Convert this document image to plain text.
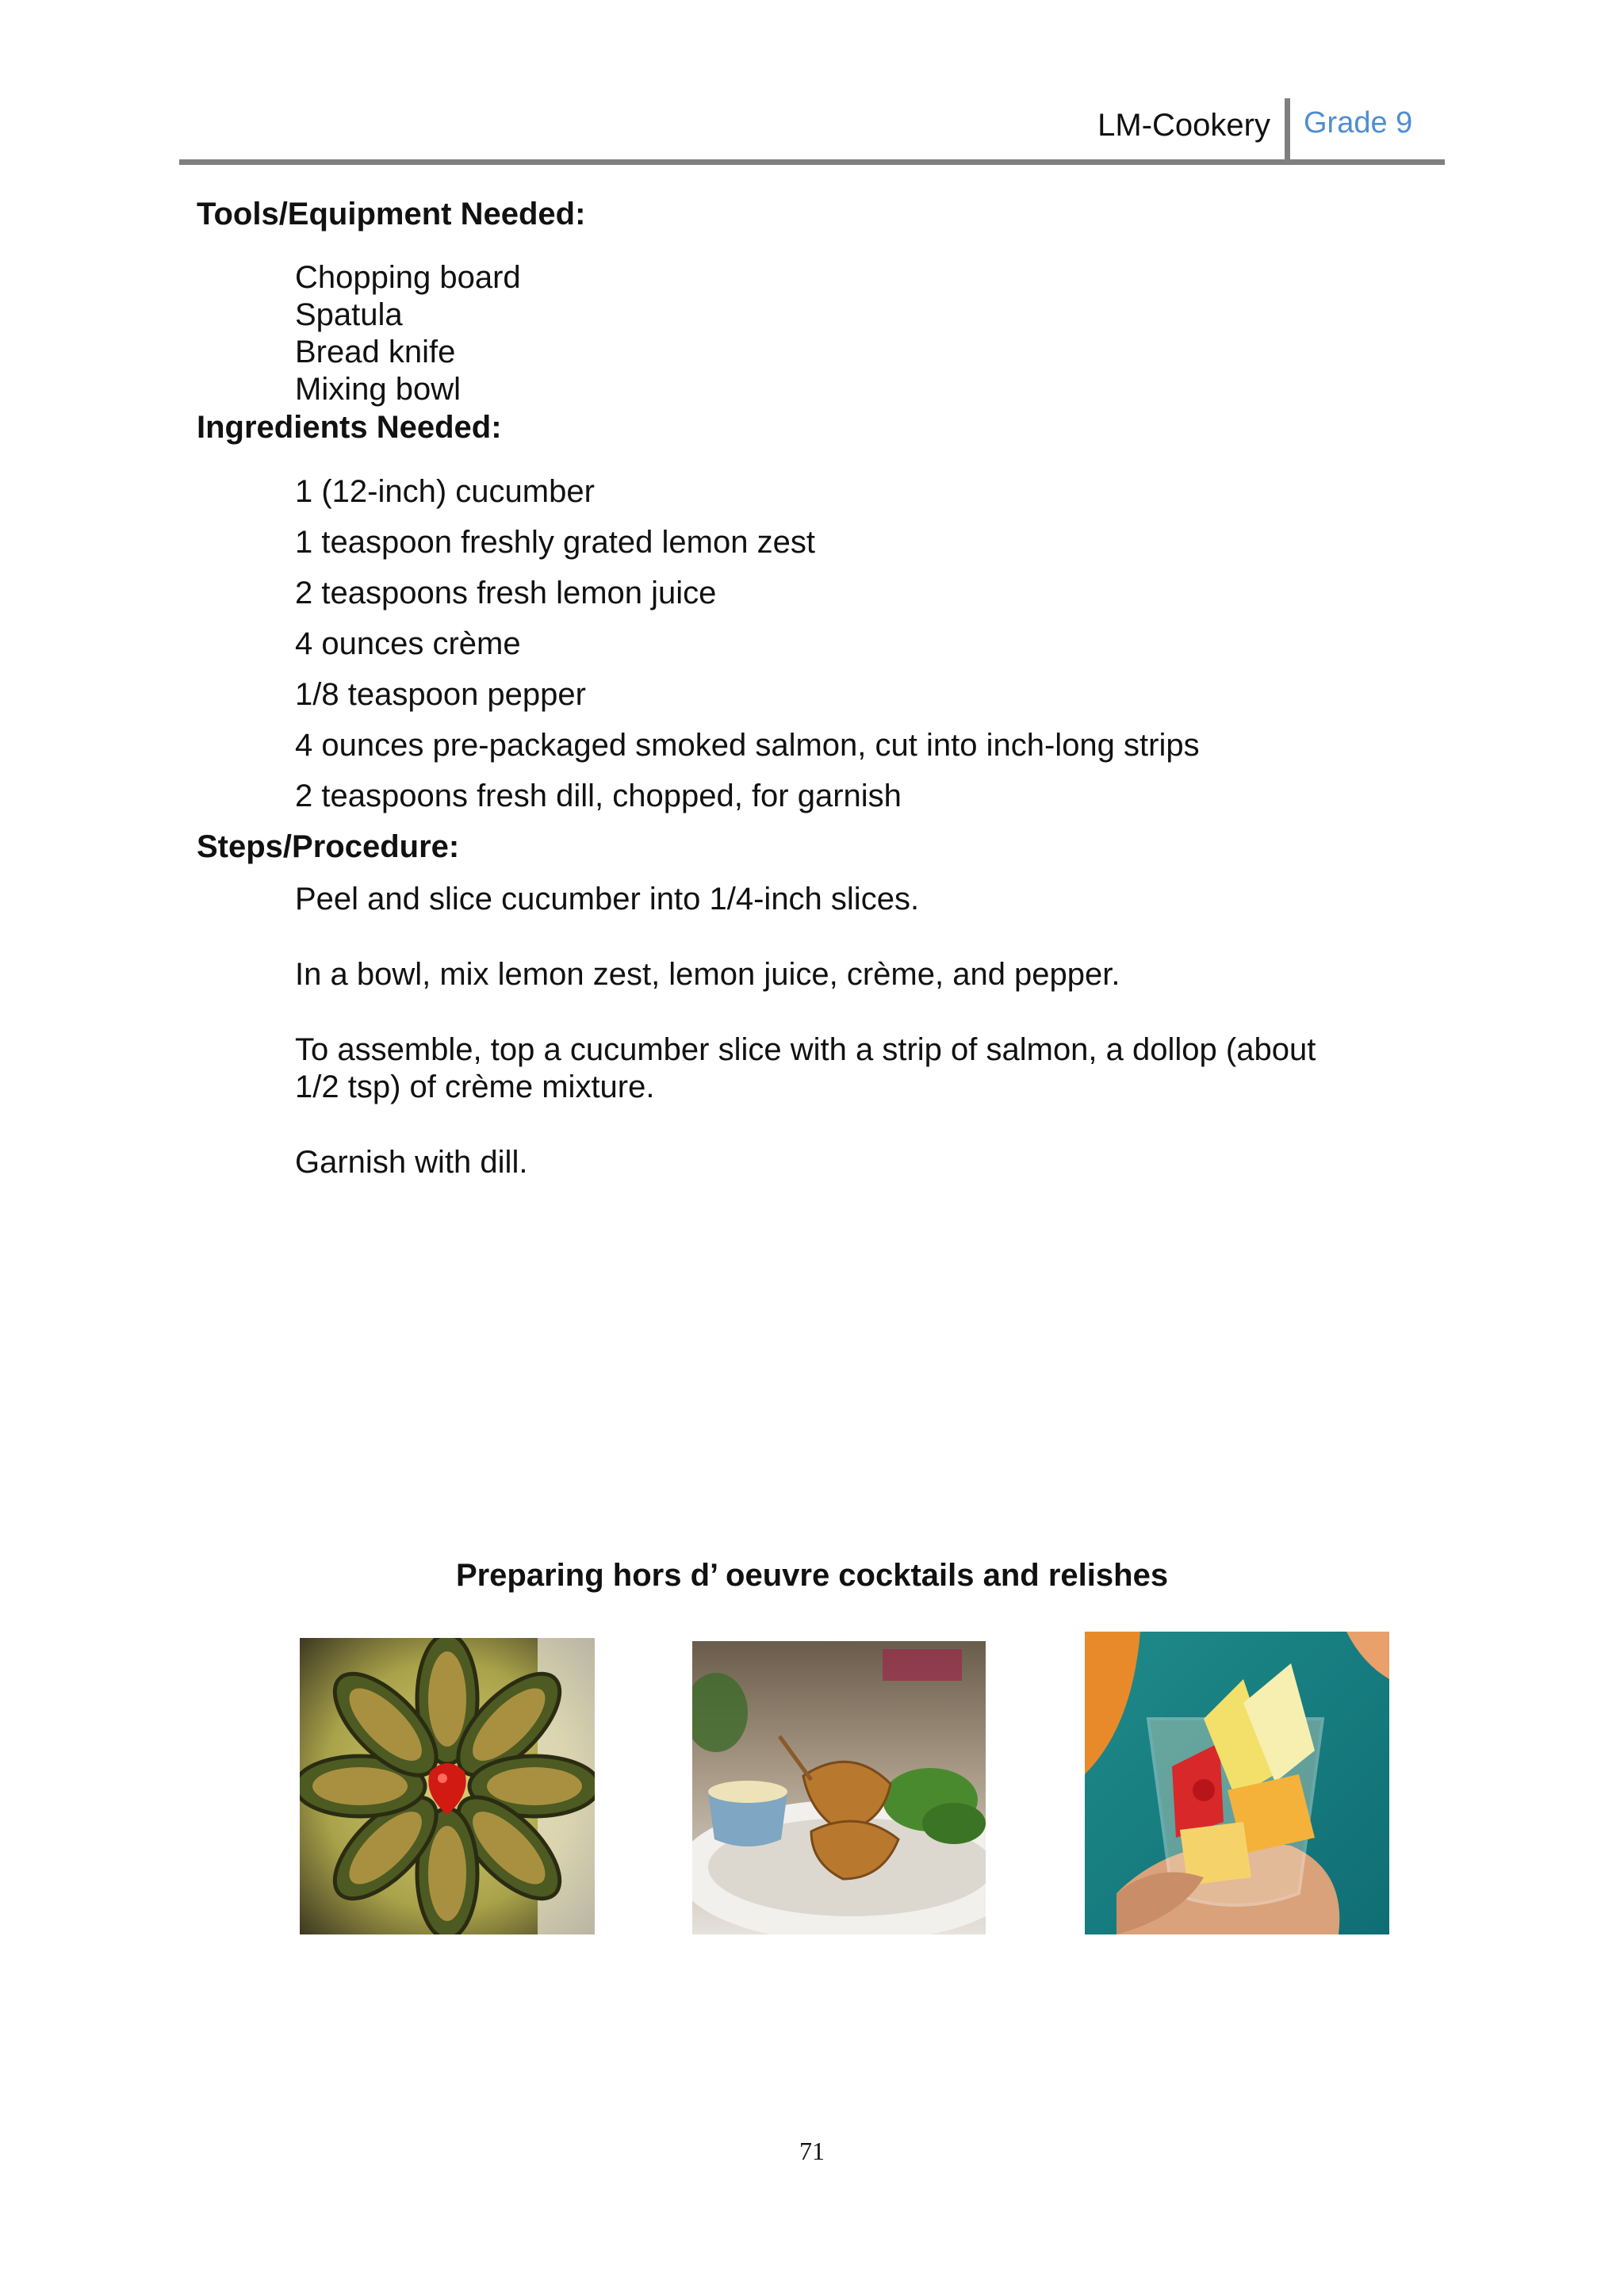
LM-Cookery Grade 9
Tools/Equipment Needed:
Chopping board
Spatula
Bread knife
Mixing bowl
Ingredients Needed:
1 (12-inch) cucumber
1 teaspoon freshly grated lemon zest
2 teaspoons fresh lemon juice
4 ounces crème
1/8 teaspoon pepper
4 ounces pre-packaged smoked salmon, cut into inch-long strips
2 teaspoons fresh dill, chopped, for garnish
Steps/Procedure:
Peel and slice cucumber into 1/4-inch slices.
In a bowl, mix lemon zest, lemon juice, crème, and pepper.
To assemble, top a cucumber slice with a strip of salmon, a dollop (about
1/2 tsp) of crème mixture.
Garnish with dill.
Preparing hors d’ oeuvre cocktails and relishes
71
